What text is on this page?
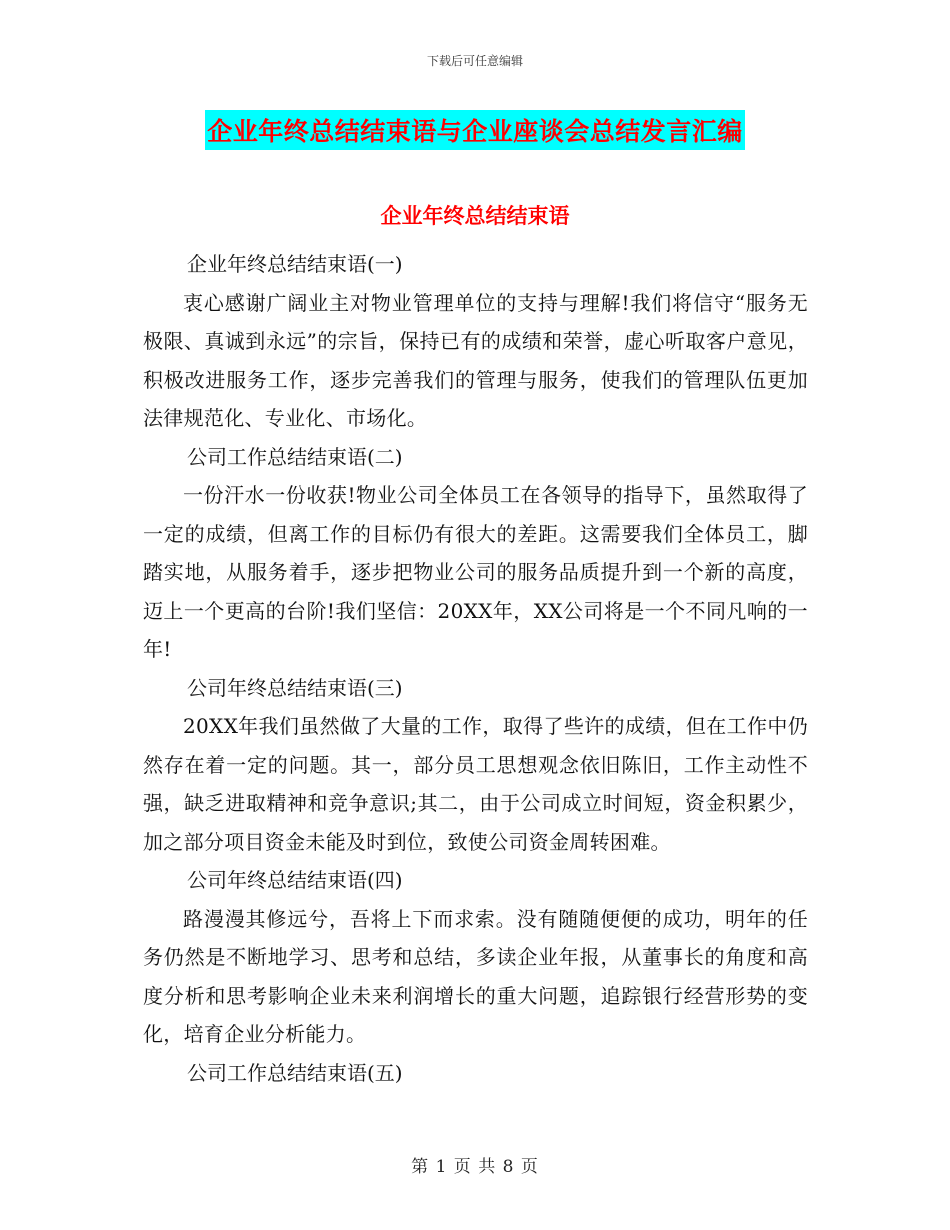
下载后可任意编辑
企业年终总结结束语与企业座谈会总结发言汇编
企业年终总结结束语

企业年终总结结束语(一)

衷心感谢广阔业主对物业管理单位的支持与理解!我们将信守“服务无极限、真诚到永远”的宗旨，保持已有的成绩和荣誉，虚心听取客户意见，积极改进服务工作，逐步完善我们的管理与服务，使我们的管理队伍更加法律规范化、专业化、市场化。

公司工作总结结束语(二)

一份汗水一份收获!物业公司全体员工在各领导的指导下，虽然取得了一定的成绩，但离工作的目标仍有很大的差距。这需要我们全体员工，脚踏实地，从服务着手，逐步把物业公司的服务品质提升到一个新的高度，迈上一个更高的台阶!我们坚信：20XX年，XX公司将是一个不同凡响的一年!

公司年终总结结束语(三)

20XX年我们虽然做了大量的工作，取得了些许的成绩，但在工作中仍然存在着一定的问题。其一，部分员工思想观念依旧陈旧，工作主动性不强，缺乏进取精神和竞争意识;其二，由于公司成立时间短，资金积累少，加之部分项目资金未能及时到位，致使公司资金周转困难。

公司年终总结结束语(四)

路漫漫其修远兮，吾将上下而求索。没有随随便便的成功，明年的任务仍然是不断地学习、思考和总结，多读企业年报，从董事长的角度和高度分析和思考影响企业未来利润增长的重大问题，追踪银行经营形势的变化，培育企业分析能力。

公司工作总结结束语(五)

第 1 页 共 8 页
